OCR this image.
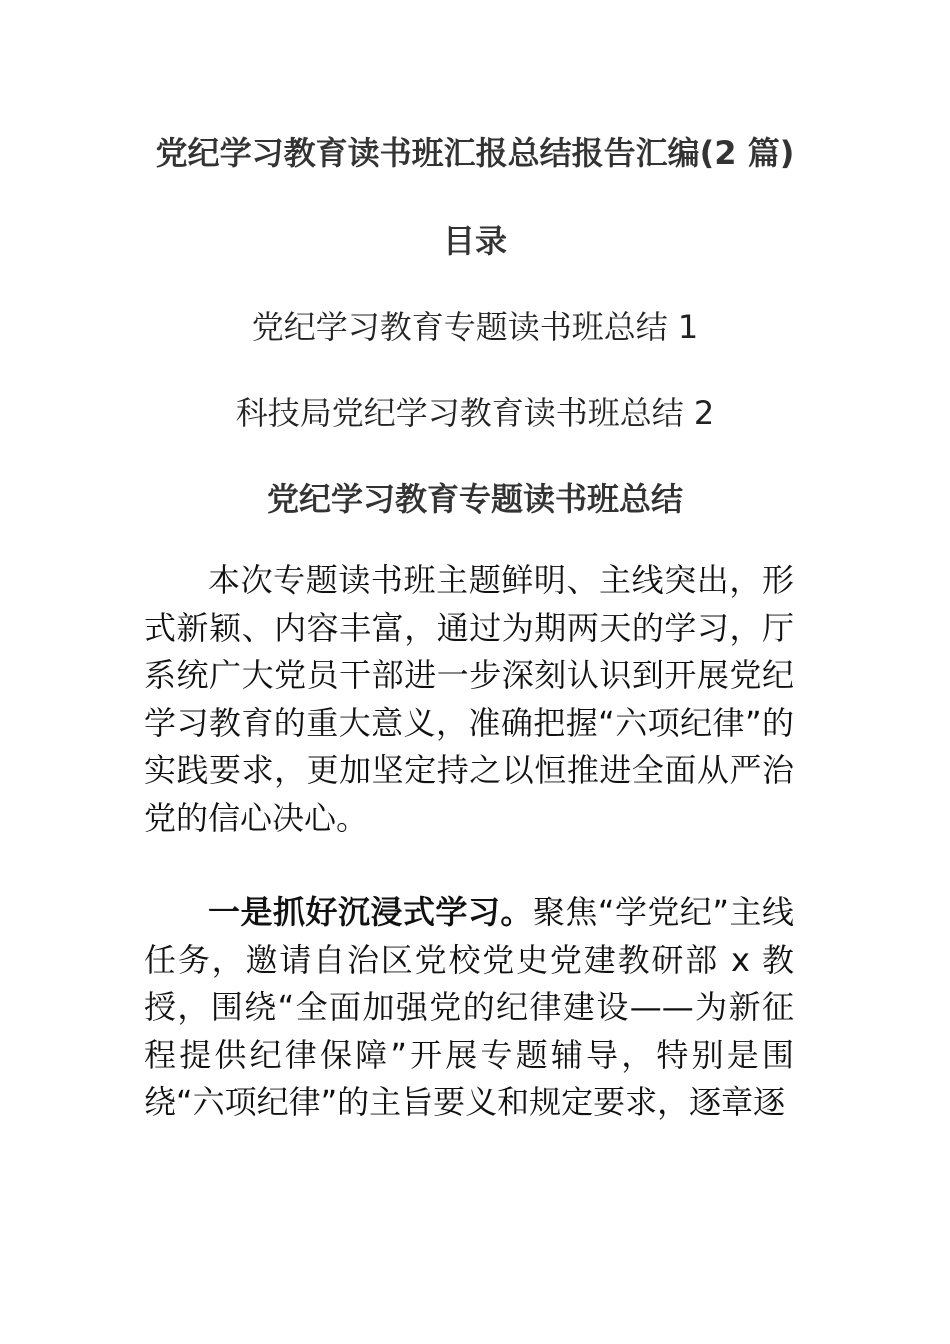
党纪学习教育读书班汇报总结报告汇编(2 篇)
目录
党纪学习教育专题读书班总结 1
科技局党纪学习教育读书班总结 2
党纪学习教育专题读书班总结

本次专题读书班主题鲜明、主线突出，形式新颖、内容丰富，通过为期两天的学习，厅系统广大党员干部进一步深刻认识到开展党纪学习教育的重大意义，准确把握“六项纪律”的实践要求，更加坚定持之以恒推进全面从严治党的信心决心。

一是抓好沉浸式学习。聚焦“学党纪”主线任务，邀请自治区党校党史党建教研部 x 教授，围绕“全面加强党的纪律建设——为新征程提供纪律保障”开展专题辅导，特别是围绕“六项纪律”的主旨要义和规定要求，逐章逐
